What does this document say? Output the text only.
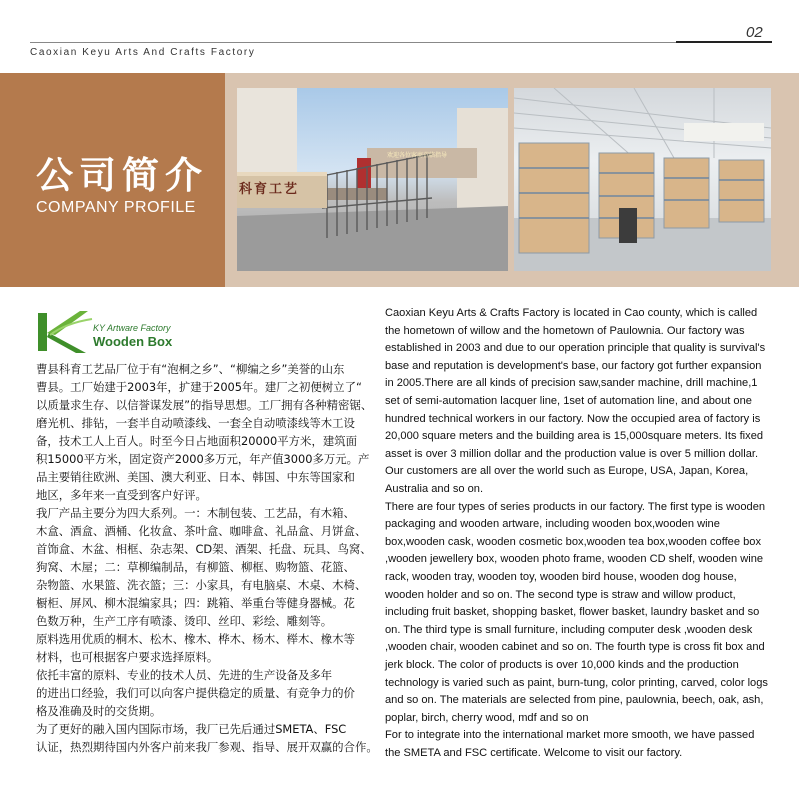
Caoxian Keyu Arts And Crafts Factory
02
公司简介
COMPANY PROFILE
科育工艺
欢迎各位客商莅临指导
KY Artware Factory
Wooden Box
曹县科育工艺品厂位于有“泡桐之乡”、“柳编之乡”美誉的山东
曹县。工厂始建于2003年，扩建于2005年。建厂之初便树立了“
以质量求生存、以信誉谋发展”的指导思想。工厂拥有各种精密锯、
磨光机、排钻，一套半自动喷漆线、一套全自动喷漆线等木工设
备，技术工人上百人。时至今日占地面积20000平方米，建筑面
积15000平方米，固定资产2000多万元，年产值3000多万元。产
品主要销往欧洲、美国、澳大利亚、日本、韩国、中东等国家和
地区，多年来一直受到客户好评。
我厂产品主要分为四大系列。一：木制包装、工艺品，有木箱、
木盒、酒盒、酒桶、化妆盒、茶叶盒、咖啡盒、礼品盒、月饼盒、
首饰盒、木盆、相框、杂志架、CD架、酒架、托盘、玩具、鸟窝、
狗窝、木屋；二：草柳编制品，有柳篮、柳框、购物篮、花篮、
杂物篮、水果篮、洗衣篮；三：小家具，有电脑桌、木桌、木椅、
橱柜、屏风、柳木混编家具；四：跳箱、举重台等健身器械。花
色数万种，生产工序有喷漆、烫印、丝印、彩绘、雕刻等。
原料选用优质的桐木、松木、橡木、桦木、杨木、榉木、橡木等
材料，也可根据客户要求选择原料。
依托丰富的原料、专业的技术人员、先进的生产设备及多年
的进出口经验，我们可以向客户提供稳定的质量、有竞争力的价
格及准确及时的交货期。
为了更好的融入国内国际市场，我厂已先后通过SMETA、FSC
认证，热烈期待国内外客户前来我厂参观、指导、展开双赢的合作。
Caoxian Keyu Arts & Crafts Factory is located in Cao county, which is called
the hometown of willow and the hometown of Paulownia. Our factory was
established in 2003 and due to our operation principle that quality is survival's
base and reputation is development's base, our factory got further expansion
in 2005.There are all kinds of precision saw,sander machine, drill machine,1
set of semi-automation lacquer line, 1set of automation line, and about one
hundred technical workers in our factory. Now the occupied area of factory is
20,000 square meters and the building area is 15,000square meters. Its fixed
asset is over 3 million dollar and the production value is over 5 million dollar.
Our customers are all over the world such as Europe, USA, Japan, Korea,
Australia and so on.
There are four types of series products in our factory. The first type is wooden
packaging and wooden artware, including wooden box,wooden wine
box,wooden cask, wooden cosmetic box,wooden tea box,wooden coffee box
,wooden jewellery box, wooden photo frame, wooden CD shelf, wooden wine
rack, wooden tray, wooden toy, wooden bird house, wooden dog house,
wooden holder and so on. The second type is straw and willow product,
including fruit basket, shopping basket, flower basket, laundry basket and so
on. The third type is small furniture, including computer desk ,wooden desk
,wooden chair, wooden cabinet and so on. The fourth type is cross fit box and
jerk block. The color of products is over 10,000 kinds and the production
technology is varied such as paint, burn-tung, color printing, carved, color logs
and so on. The materials are selected from pine, paulownia, beech, oak, ash,
poplar, birch, cherry wood, mdf and so on
For to integrate into the international market more smooth, we have passed
the SMETA and FSC certificate. Welcome to visit our factory.
